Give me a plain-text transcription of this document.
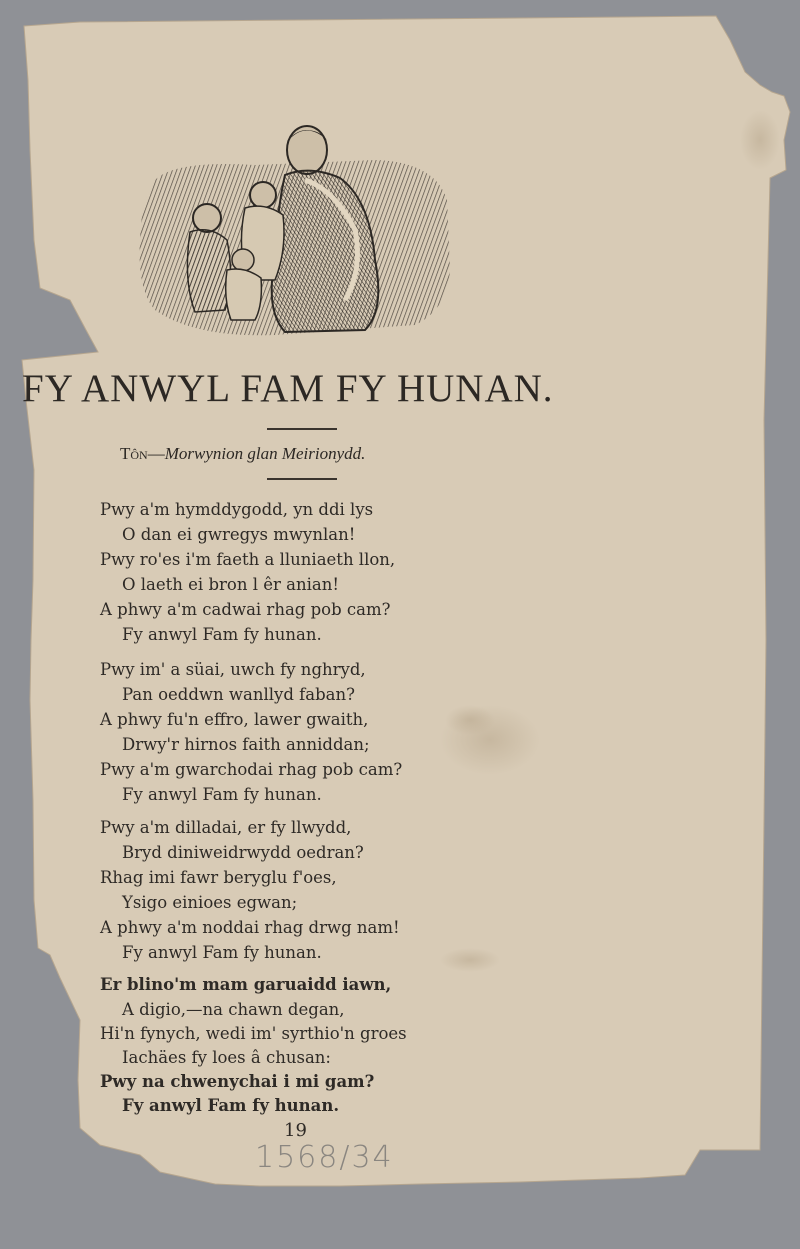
FY ANWYL FAM FY HUNAN.
Tôn—Morwynion glan Meirionydd.
Pwy a'm hymddygodd, yn ddi lys
O dan ei gwregys mwynlan!
Pwy ro'es i'm faeth a lluniaeth llon,
O laeth ei bron l êr anian!
A phwy a'm cadwai rhag pob cam?
Fy anwyl Fam fy hunan.
Pwy im' a süai, uwch fy nghryd,
Pan oeddwn wanllyd faban?
A phwy fu'n effro, lawer gwaith,
Drwy'r hirnos faith anniddan;
Pwy a'm gwarchodai rhag pob cam?
Fy anwyl Fam fy hunan.
Pwy a'm dilladai, er fy llwydd,
Bryd diniweidrwydd oedran?
Rhag imi fawr beryglu f'oes,
Ysigo einioes egwan;
A phwy a'm noddai rhag drwg nam!
Fy anwyl Fam fy hunan.
Er blino'm mam garuaidd iawn,
A digio,—na chawn degan,
Hi'n fynych, wedi im' syrthio'n groes
Iachäes fy loes â chusan:
Pwy na chwenychai i mi gam?
Fy anwyl Fam fy hunan.
19
1568/34
